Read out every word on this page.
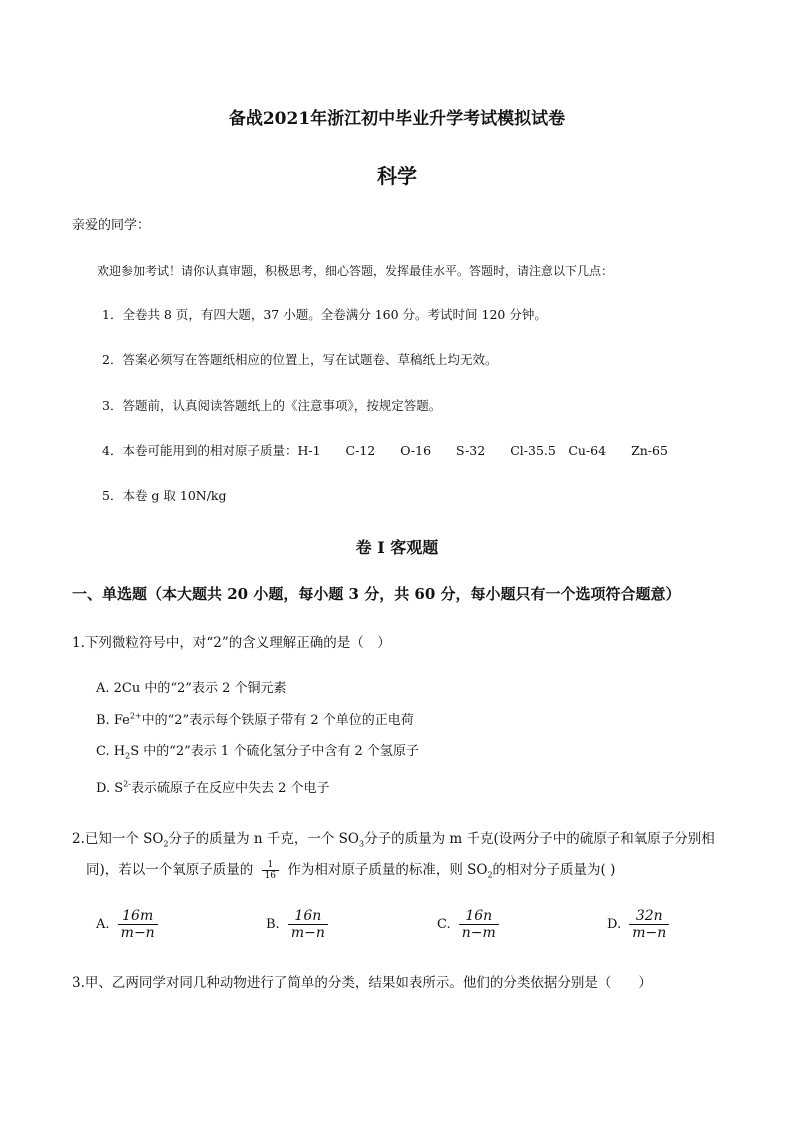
备战2021年浙江初中毕业升学考试模拟试卷
科学
亲爱的同学：
欢迎参加考试！请你认真审题，积极思考，细心答题，发挥最佳水平。答题时，请注意以下几点：
1．全卷共 8 页，有四大题，37 小题。全卷满分 160 分。考试时间 120 分钟。
2．答案必须写在答题纸相应的位置上，写在试题卷、草稿纸上均无效。
3．答题前，认真阅读答题纸上的《注意事项》，按规定答题。
4．本卷可能用到的相对原子质量：H-1　　C-12　　O-16　　S-32　　Cl-35.5　Cu-64　　Zn-65
5．本卷 g 取 10N/kg
卷 I 客观题
一、单选题（本大题共 20 小题，每小题 3 分，共 60 分，每小题只有一个选项符合题意）
1.下列微粒符号中，对“2”的含义理解正确的是（　）
A. 2Cu 中的“2”表示 2 个铜元素
B. $Fe^{2+}$中的“2”表示每个铁原子带有 2 个单位的正电荷
C. $H_2S$ 中的“2”表示 1 个硫化氢分子中含有 2 个氢原子
D. $S^{2-}$表示硫原子在反应中失去 2 个电子
2.已知一个 $SO_2$分子的质量为 n 千克，一个 $SO_3$分子的质量为 m 千克(设两分子中的硫原子和氧原子分别相
同)，若以一个氧原子质量的 $\frac{1}{16}$ 作为相对原子质量的标准，则 $SO_2$的相对分子质量为( )
A. $\frac{16m}{m-n}$	B. $\frac{16n}{m-n}$	C. $\frac{16n}{n-m}$	D. $\frac{32n}{m-n}$
3.甲、乙两同学对同几种动物进行了简单的分类，结果如表所示。他们的分类依据分别是（　　）
